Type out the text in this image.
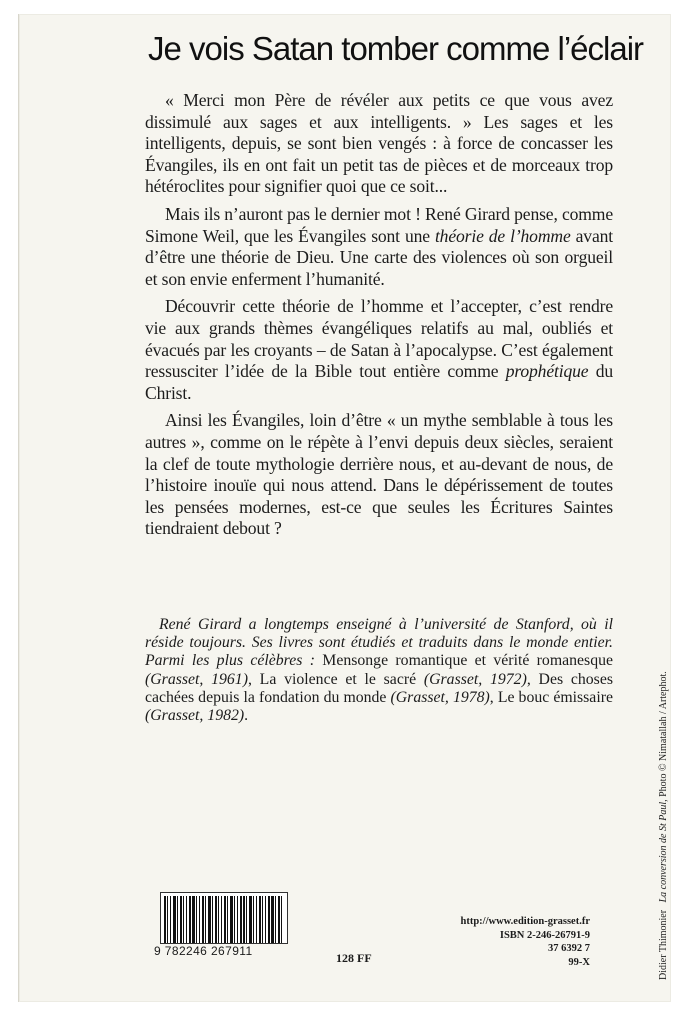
Je vois Satan tomber comme l’éclair

« Merci mon Père de révéler aux petits ce que vous avez dissimulé aux sages et aux intelligents. » Les sages et les intelligents, depuis, se sont bien vengés : à force de concasser les Évangiles, ils en ont fait un petit tas de pièces et de morceaux trop hétéroclites pour signifier quoi que ce soit...

Mais ils n’auront pas le dernier mot ! René Girard pense, comme Simone Weil, que les Évangiles sont une théorie de l’homme avant d’être une théorie de Dieu. Une carte des violences où son orgueil et son envie enferment l’humanité.

Découvrir cette théorie de l’homme et l’accepter, c’est rendre vie aux grands thèmes évangéliques relatifs au mal, oubliés et évacués par les croyants – de Satan à l’apocalypse. C’est également ressusciter l’idée de la Bible tout entière comme prophétique du Christ.

Ainsi les Évangiles, loin d’être « un mythe semblable à tous les autres », comme on le répète à l’envi depuis deux siècles, seraient la clef de toute mythologie derrière nous, et au-devant de nous, de l’histoire inouïe qui nous attend. Dans le dépérissement de toutes les pensées modernes, est-ce que seules les Écritures Saintes tiendraient debout ?

René Girard a longtemps enseigné à l’université de Stanford, où il réside toujours. Ses livres sont étudiés et traduits dans le monde entier. Parmi les plus célèbres : Mensonge romantique et vérité romanesque (Grasset, 1961), La violence et le sacré (Grasset, 1972), Des choses cachées depuis la fondation du monde (Grasset, 1978), Le bouc émissaire (Grasset, 1982).

9 782246 267911	128 FF
http://www.edition-grasset.fr
ISBN 2-246-26791-9
37 6392 7
99-X	Didier Thimonier   La conversion de St Paul, Photo © Nimatallah / Artephot.
